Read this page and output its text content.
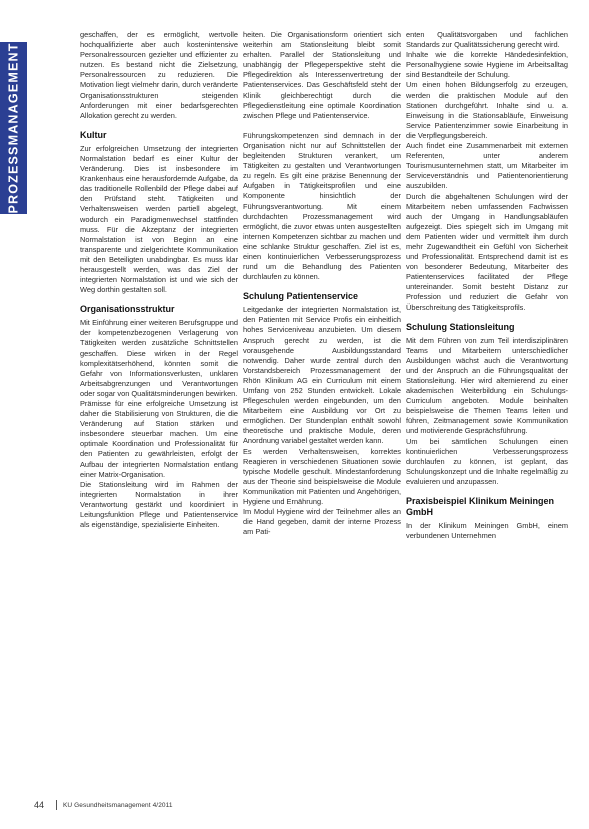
PROZESSMANAGEMENT

geschaffen, der es ermöglicht, wertvolle hochqualifizierte aber auch kostenintensive Personalressourcen gezielter und effizienter zu nutzen. Es bestand nicht die Zielsetzung, Personalressourcen zu reduzieren. Die Motivation liegt vielmehr darin, durch veränderte Organisationsstrukturen steigenden Anforderungen mit einer bedarfsgerechten Allokation gerecht zu werden.

Kultur

Zur erfolgreichen Umsetzung der integrierten Normalstation bedarf es einer Kultur der Veränderung. Dies ist insbesondere im Krankenhaus eine herausfordernde Aufgabe, da das traditionelle Rollenbild der Pflege dabei auf den Prüfstand steht. Tätigkeiten und Verhaltensweisen werden partiell abgelegt, wodurch ein Paradigmenwechsel stattfinden muss. Für die Akzeptanz der integrierten Normalstation ist von Beginn an eine transparente und zielgerichtete Kommunikation mit den Beteiligten unabdingbar. Es muss klar herausgestellt werden, was das Ziel der integrierten Normalstation ist und wie sich der Weg dorthin gestalten soll.

Organisationsstruktur

Mit Einführung einer weiteren Berufsgruppe und der kompetenzbezogenen Verlagerung von Tätigkeiten werden zusätzliche Schnittstellen geschaffen. Diese wirken in der Regel komplexitätserhöhend, könnten somit die Gefahr von Informationsverlusten, unklaren Arbeitsabgrenzungen und Verantwortungen oder sogar von Qualitätsminderungen bewirken.

Prämisse für eine erfolgreiche Umsetzung ist daher die Stabilisierung von Strukturen, die die Veränderung auf Station stärken und insbesondere steuerbar machen. Um eine optimale Koordination und Professionalität für den Patienten zu gewährleisten, erfolgt der Aufbau der integrierten Normalstation entlang einer Matrix-Organisation.

Die Stationsleitung wird im Rahmen der integrierten Normalstation in ihrer Verantwortung gestärkt und koordiniert in Leitungsfunktion Pflege und Patientenservice als eigenständige, spezialisierte Einheiten.

heiten. Die Organisationsform orientiert sich weiterhin am Stationsleitung bleibt somit erhalten. Parallel der Stationsleitung und unabhängig der Pflegeperspektive steht die Pflegedirektion als Interessenvertretung der Patientenservices. Das Geschäftsfeld steht der Klinik gleichberechtigt durch die Pflegedienstleitung eine optimale Koordination zwischen Pflege und Patientenservice.

Führungskompetenzen sind demnach in der Organisation nicht nur auf Schnittstellen der begleitenden Strukturen verankert, um Tätigkeiten zu gestalten und Verantwortungen zu regeln. Es gilt eine präzise Benennung der Aufgaben in Tätigkeitsprofilen und eine Komponente hinsichtlich der Führungsverantwortung. Mit einem durchdachten Prozessmanagement wird ermöglicht, die zuvor etwas unten ausgestellten internen Kompetenzen sichtbar zu machen und eine schlanke Struktur geschaffen. Ziel ist es, einen kontinuierlichen Verbesserungsprozess rund um die Behandlung des Patienten durchlaufen zu können.

Schulung Patientenservice

Leitgedanke der integrierten Normalstation ist, den Patienten mit Service Profis ein einheitlich hohes Serviceniveau anzubieten. Um diesem Anspruch gerecht zu werden, ist die vorausgehende Ausbildungsstandard notwendig. Daher wurde zentral durch den Vorstandsbereich Prozessmanagement der Rhön Klinikum AG ein Curriculum mit einem Umfang von 252 Stunden entwickelt. Lokale Pflegeschulen werden eingebunden, um den Mitarbeitern eine Ausbildung vor Ort zu ermöglichen. Der Stundenplan enthält sowohl theoretische und praktische Module, deren Anordnung variabel gestaltet werden kann.

Es werden Verhaltensweisen, korrektes Reagieren in verschiedenen Situationen sowie typische Modelle geschult. Mindestanforderung aus der Theorie sind beispielsweise die Module Kommunikation mit Patienten und Angehörigen, Hygiene und Ernährung.

Im Modul Hygiene wird der Teilnehmer alles an die Hand gegeben, damit der interne Prozess am Pati-

enten Qualitätsvorgaben und fachlichen Standards zur Qualitätssicherung gerecht wird.

Inhalte wie die korrekte Händedesinfektion, Personalhygiene sowie Hygiene im Arbeitsalltag sind Bestandteile der Schulung.

Um einen hohen Bildungserfolg zu erzeugen, werden die praktischen Module auf den Stationen durchgeführt. Inhalte sind u. a. Einweisung in die Stationsabläufe, Einweisung Service Patientenzimmer sowie Einarbeitung in die Verpflegungsbereich.

Auch findet eine Zusammenarbeit mit externen Referenten, unter anderem Tourismusunternehmen statt, um Mitarbeiter im Serviceverständnis und Patientenorientierung auszubilden.

Durch die abgehaltenen Schulungen wird der Mitarbeitern neben umfassenden Fachwissen auch der Umgang in Handlungsabläufen aufgezeigt. Dies spiegelt sich im Umgang mit dem Patienten wider und vermittelt ihm durch mehr Zugewandtheit ein Gefühl von Sicherheit und Professionalität. Entsprechend damit ist es von besonderer Bedeutung, Mitarbeiter des Patientenservices facilitated der Pflege untereinander. Somit besteht Distanz zur Profession und reduziert die Gefahr von Überschreitung des Tätigkeitsprofils.

Schulung Stationsleitung

Mit dem Führen von zum Teil interdisziplinären Teams und Mitarbeitern unterschiedlicher Ausbildungen wächst auch die Verantwortung und der Anspruch an die Führungsqualität der Stationsleitung. Hier wird alternierend zu einer akademischen Weiterbildung ein Schulungs-Curriculum angeboten. Module beinhalten beispielsweise die Themen Teams leiten und führen, Zeitmanagement sowie Kommunikation und motivierende Gesprächsführung.

Um bei sämtlichen Schulungen einen kontinuierlichen Verbesserungsprozess durchlaufen zu können, ist geplant, das Schulungskonzept und die Inhalte regelmäßig zu evaluieren und anzupassen.

Praxisbeispiel Klinikum Meiningen GmbH

In der Klinikum Meiningen GmbH, einem verbundenen Unternehmen

44	KU Gesundheitsmanagement 4/2011
